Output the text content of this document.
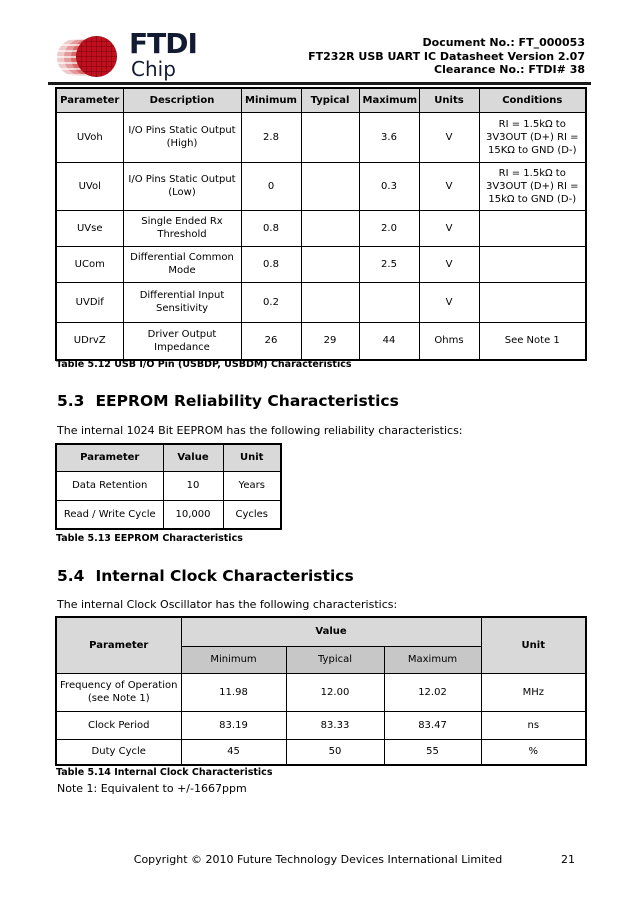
FTDI
Chip
Document No.: FT_000053
FT232R USB UART IC Datasheet Version 2.07
Clearance No.: FTDI# 38
Parameter	Description	Minimum	Typical	Maximum	Units	Conditions
UVoh	I/O Pins Static Output (High)	2.8		3.6	V	RI = 1.5kΩ to 3V3OUT (D+) RI = 15KΩ to GND (D-)
UVol	I/O Pins Static Output (Low)	0		0.3	V	RI = 1.5kΩ to 3V3OUT (D+) RI = 15kΩ to GND (D-)
UVse	Single Ended Rx Threshold	0.8		2.0	V	
UCom	Differential Common Mode	0.8		2.5	V	
UVDif	Differential Input Sensitivity	0.2			V	
UDrvZ	Driver Output Impedance	26	29	44	Ohms	See Note 1
Table 5.12 USB I/O Pin (USBDP, USBDM) Characteristics
5.3 EEPROM Reliability Characteristics
The internal 1024 Bit EEPROM has the following reliability characteristics:
Parameter	Value	Unit
Data Retention	10	Years
Read / Write Cycle	10,000	Cycles
Table 5.13 EEPROM Characteristics
5.4 Internal Clock Characteristics
The internal Clock Oscillator has the following characteristics:
Parameter	Value			Unit
	Minimum	Typical	Maximum	
Frequency of Operation (see Note 1)	11.98	12.00	12.02	MHz
Clock Period	83.19	83.33	83.47	ns
Duty Cycle	45	50	55	%
Table 5.14 Internal Clock Characteristics
Note 1: Equivalent to +/-1667ppm
Copyright © 2010 Future Technology Devices International Limited	21
